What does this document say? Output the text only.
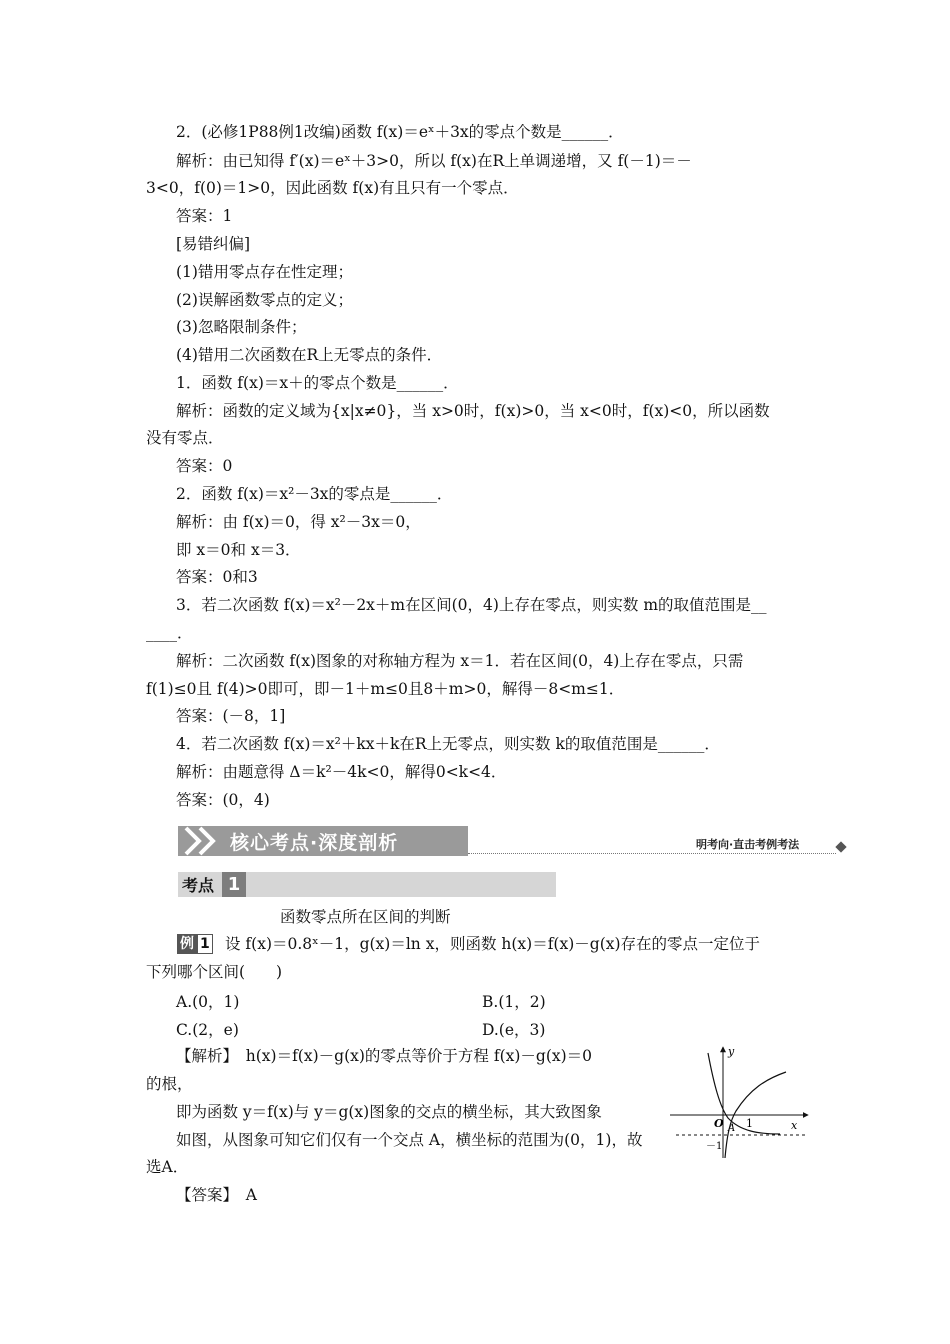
2．(必修1P88例1改编)函数 f(x)＝eˣ＋3x的零点个数是______．
解析：由已知得 f′(x)＝eˣ＋3>0，所以 f(x)在R上单调递增，又 f(－1)＝－
3<0，f(0)＝1>0，因此函数 f(x)有且只有一个零点．
答案：1
[易错纠偏]
(1)错用零点存在性定理；
(2)误解函数零点的定义；
(3)忽略限制条件；
(4)错用二次函数在R上无零点的条件．
1．函数 f(x)＝x＋的零点个数是______．
解析：函数的定义域为{x|x≠0}，当 x>0时，f(x)>0，当 x<0时，f(x)<0，所以函数
没有零点．
答案：0
2．函数 f(x)＝x²－3x的零点是______．
解析：由 f(x)＝0，得 x²－3x＝0，
即 x＝0和 x＝3．
答案：0和3
3．若二次函数 f(x)＝x²－2x＋m在区间(0，4)上存在零点，则实数 m的取值范围是__
____．
解析：二次函数 f(x)图象的对称轴方程为 x＝1．若在区间(0，4)上存在零点，只需
f(1)≤0且 f(4)>0即可，即－1＋m≤0且8＋m>0，解得－8<m≤1．
答案：(－8，1]
4．若二次函数 f(x)＝x²＋kx＋k在R上无零点，则实数 k的取值范围是______．
解析：由题意得 Δ＝k²－4k<0，解得0<k<4．
答案：(0，4)
核心考点·深度剖析	明考向·直击考例考法
考点 1
函数零点所在区间的判断
例 1 设 f(x)＝0.8ˣ－1，g(x)＝ln x，则函数 h(x)＝f(x)－g(x)存在的零点一定位于
下列哪个区间(　　)
A.(0，1)	B.(1，2)
C.(2，e)	D.(e，3)
【解析】　h(x)＝f(x)－g(x)的零点等价于方程 f(x)－g(x)＝0
的根，
即为函数 y＝f(x)与 y＝g(x)图象的交点的横坐标，其大致图象
如图，从图象可知它们仅有一个交点 A，横坐标的范围为(0，1)，故
选A．
【答案】　A
y
x
O 1
－1
A
